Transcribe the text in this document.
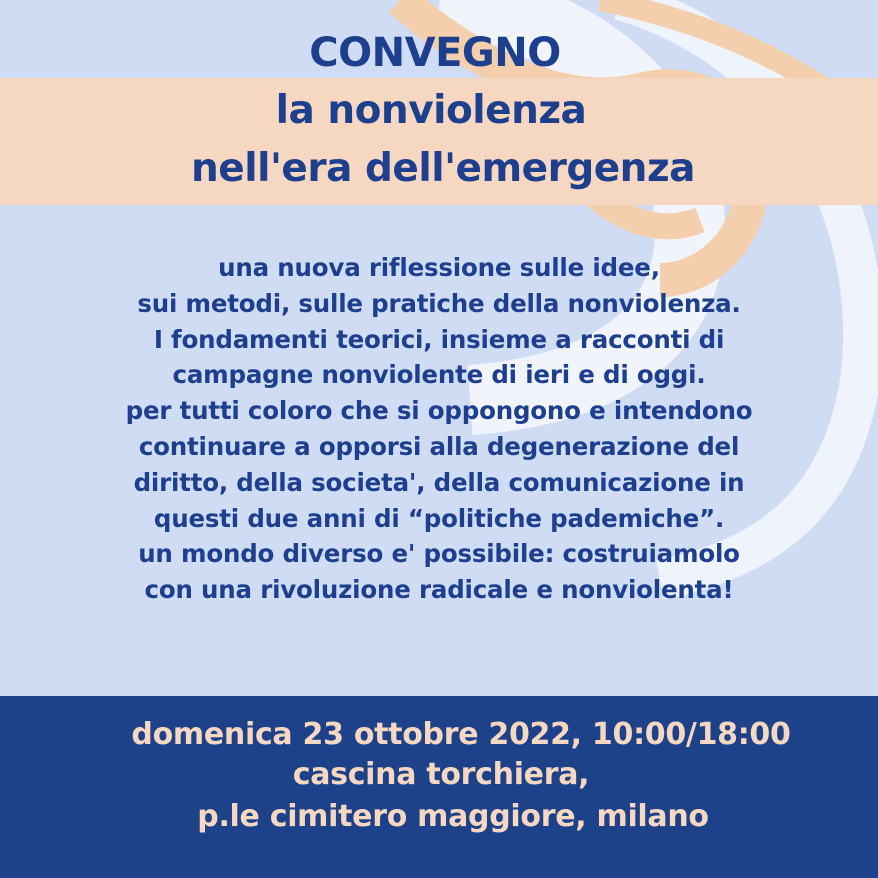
CONVEGNO
la nonviolenza
nell'era dell'emergenza
una nuova riflessione sulle idee,
sui metodi, sulle pratiche della nonviolenza.
I fondamenti teorici, insieme a racconti di
campagne nonviolente di ieri e di oggi.
per tutti coloro che si oppongono e intendono
continuare a opporsi alla degenerazione del
diritto, della societa', della comunicazione in
questi due anni di “politiche pademiche”.
un mondo diverso e' possibile: costruiamolo
con una rivoluzione radicale e nonviolenta!
domenica 23 ottobre 2022, 10:00/18:00
cascina torchiera,
p.le cimitero maggiore, milano
